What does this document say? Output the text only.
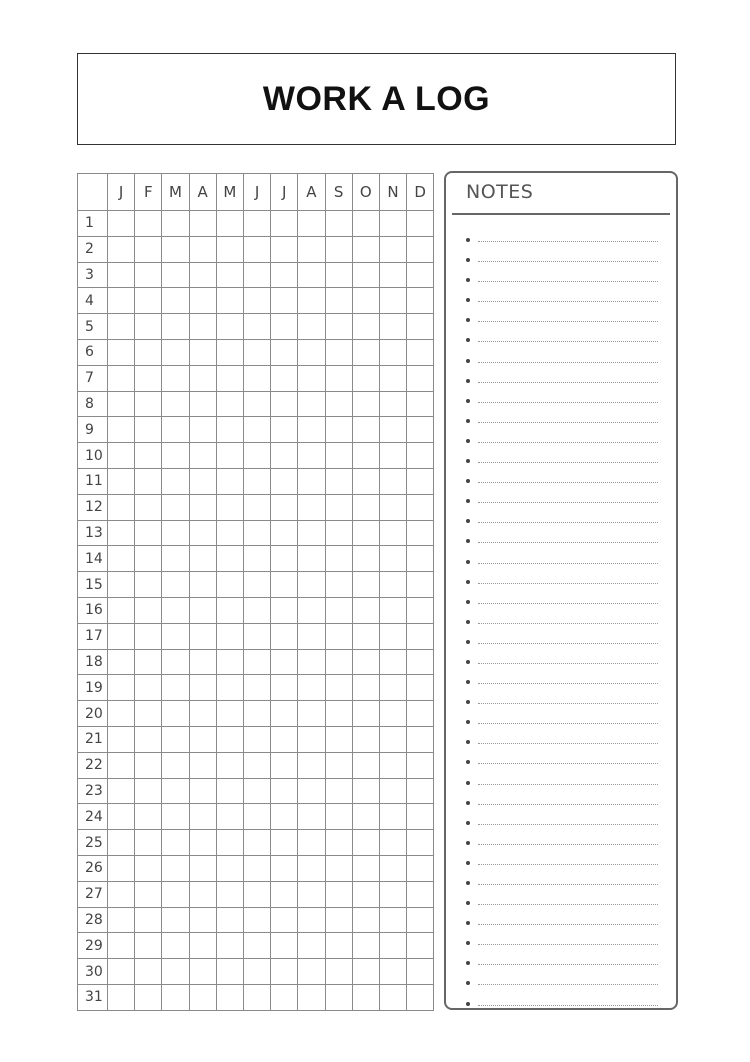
WORK A LOG
	J	F	M	A	M	J	J	A	S	O	N	D
1												
2												
3												
4												
5												
6												
7												
8												
9												
10												
11												
12												
13												
14												
15												
16												
17												
18												
19												
20												
21												
22												
23												
24												
25												
26												
27												
28												
29												
30												
31												
NOTES
